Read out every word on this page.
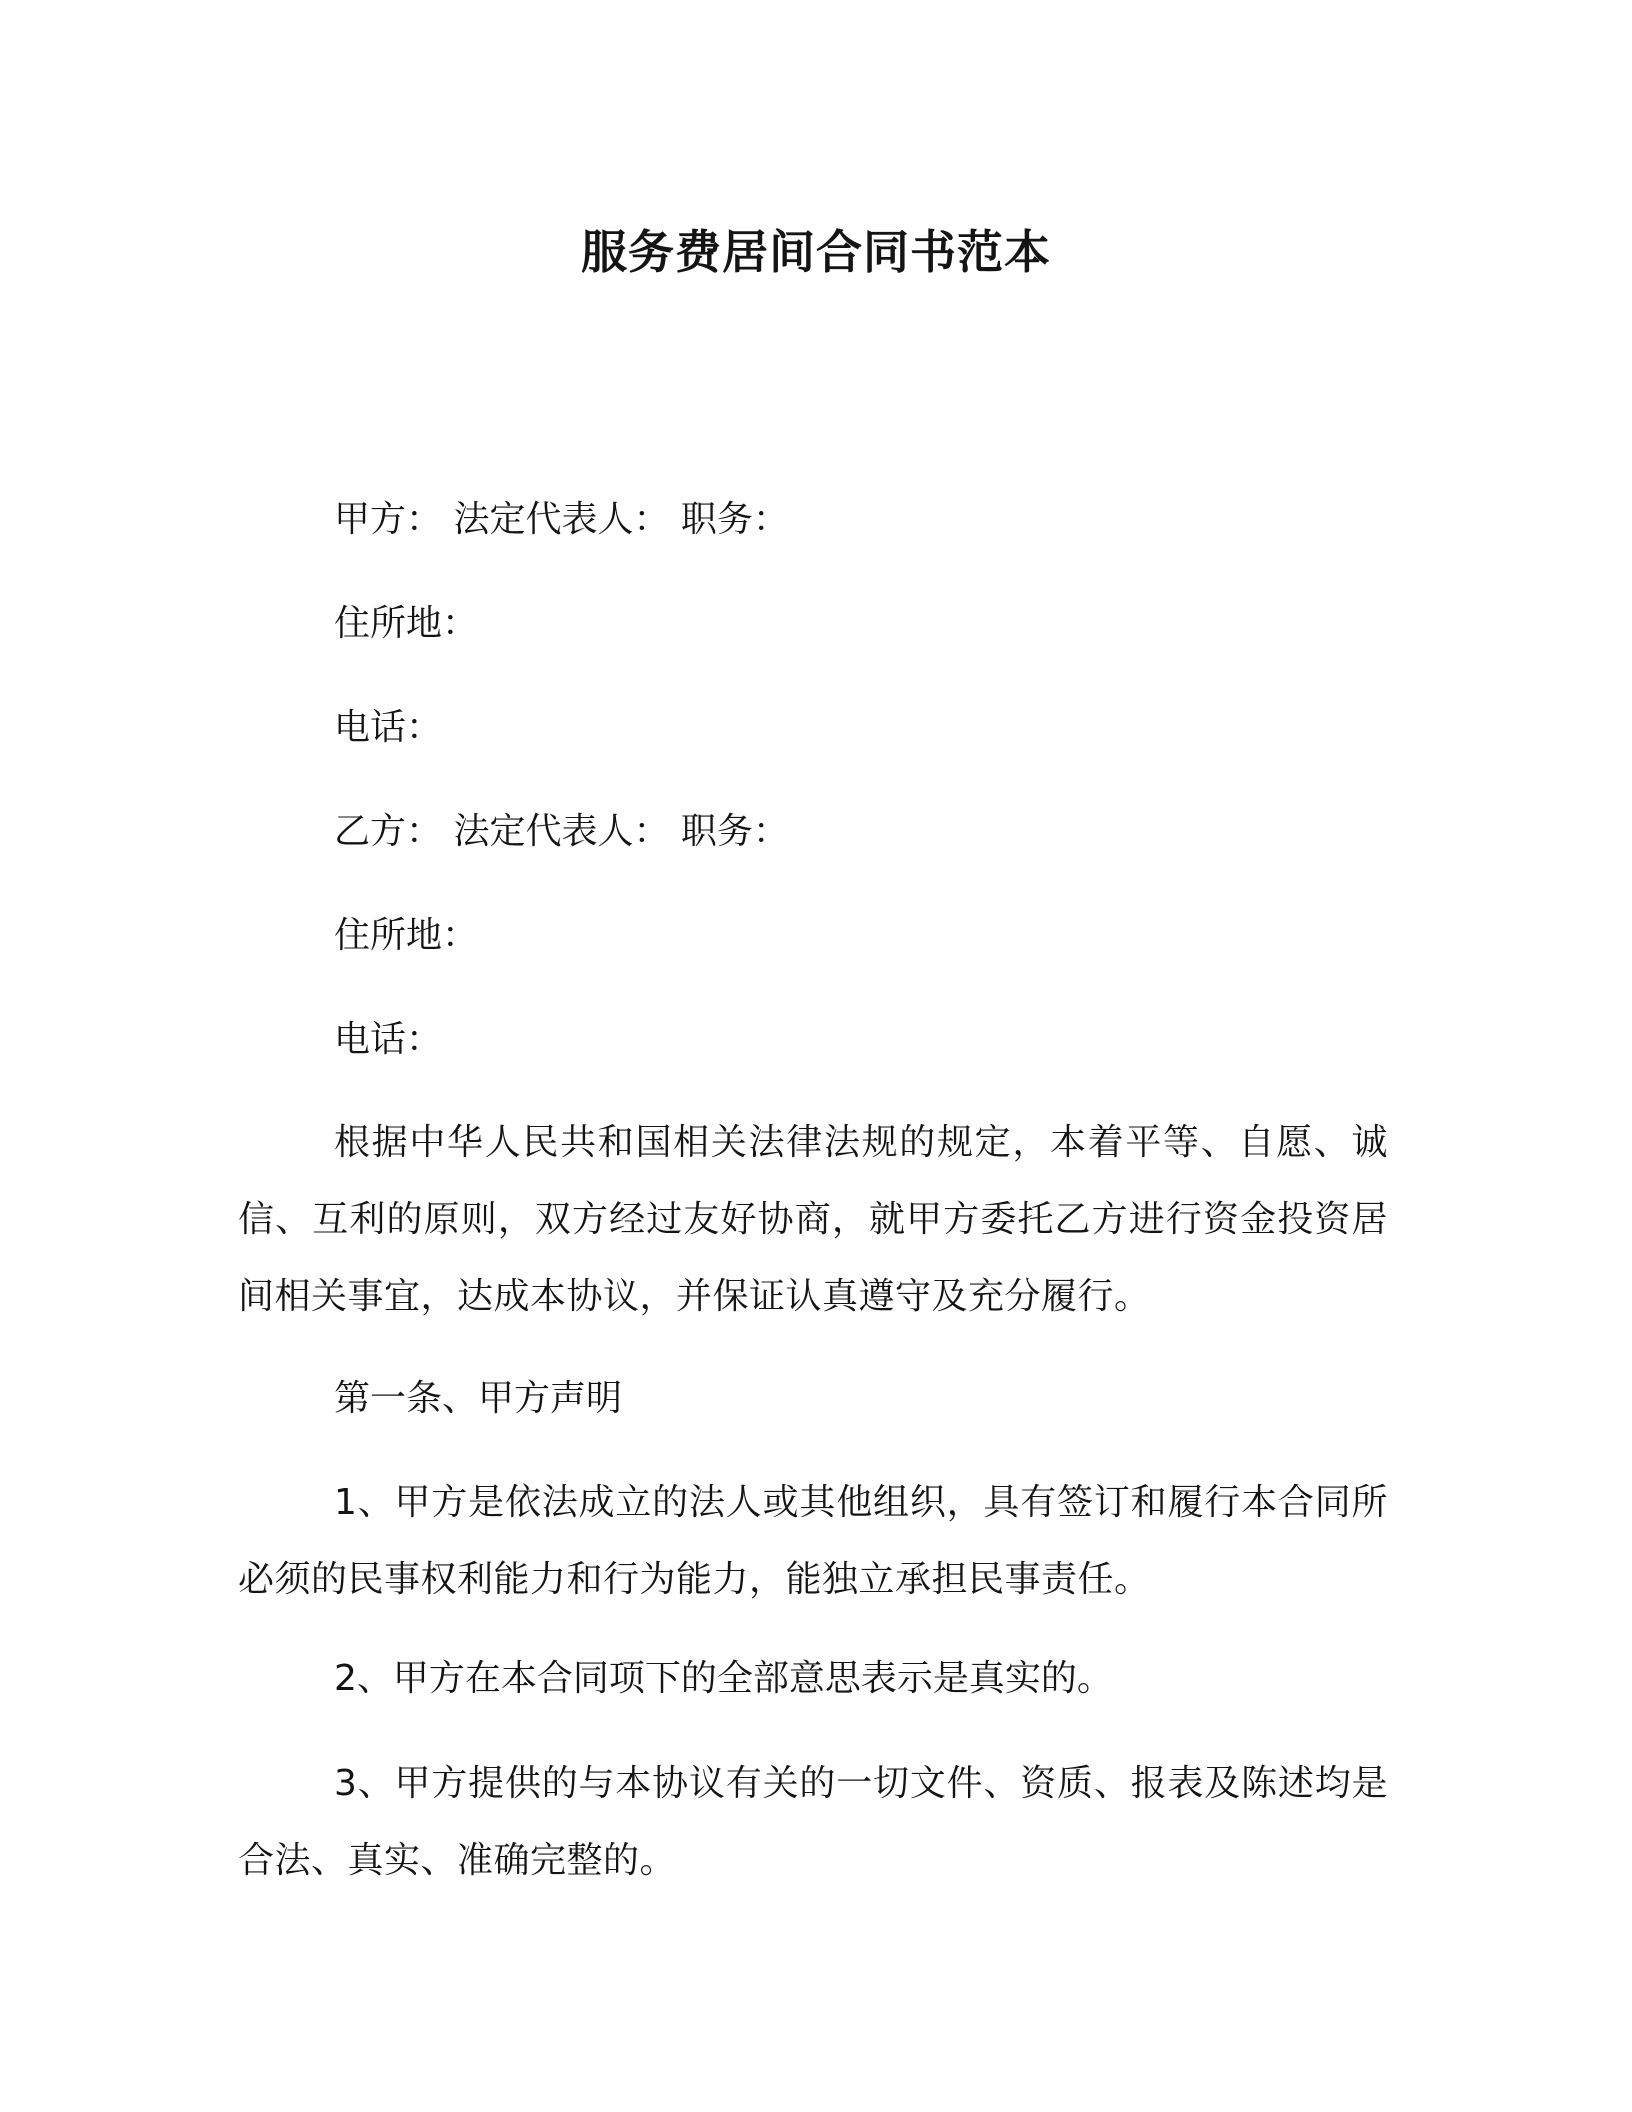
服务费居间合同书范本
甲方： 法定代表人： 职务：
住所地：
电话：
乙方： 法定代表人： 职务：
住所地：
电话：
根据中华人民共和国相关法律法规的规定，本着平等、自愿、诚信、互利的原则，双方经过友好协商，就甲方委托乙方进行资金投资居间相关事宜，达成本协议，并保证认真遵守及充分履行。
第一条、甲方声明
1、甲方是依法成立的法人或其他组织，具有签订和履行本合同所必须的民事权利能力和行为能力，能独立承担民事责任。
2、甲方在本合同项下的全部意思表示是真实的。
3、甲方提供的与本协议有关的一切文件、资质、报表及陈述均是合法、真实、准确完整的。
